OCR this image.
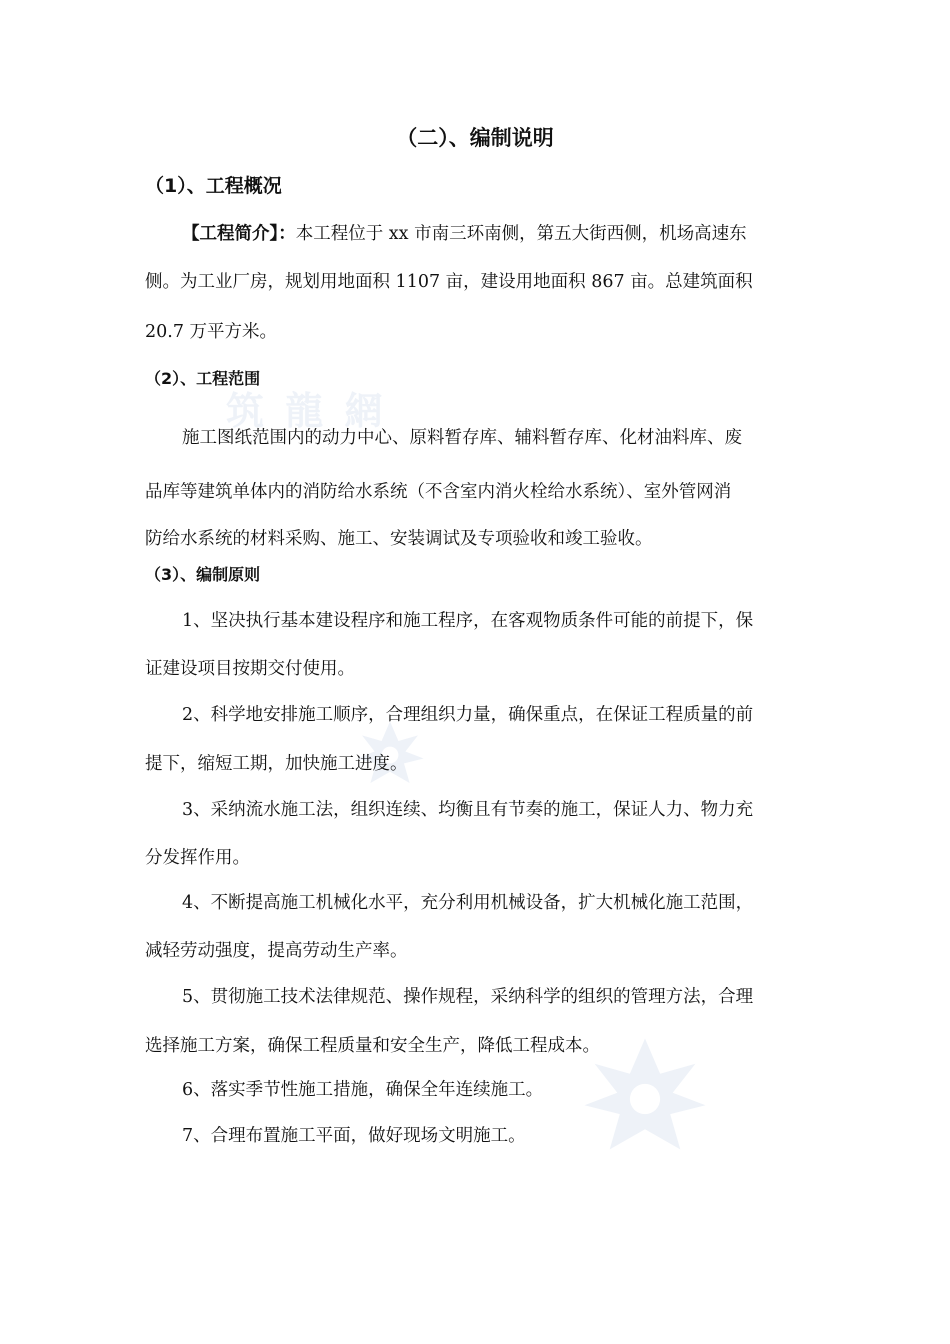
筑 龍 網
（二）、编制说明
（1）、工程概况
【工程简介】：本工程位于 xx 市南三环南侧，第五大街西侧，机场高速东
侧。为工业厂房，规划用地面积 1107 亩，建设用地面积 867 亩。总建筑面积
20.7 万平方米。
（2）、工程范围
施工图纸范围内的动力中心、原料暂存库、辅料暂存库、化材油料库、废
品库等建筑单体内的消防给水系统（不含室内消火栓给水系统）、室外管网消
防给水系统的材料采购、施工、安装调试及专项验收和竣工验收。
（3）、编制原则
1、坚决执行基本建设程序和施工程序，在客观物质条件可能的前提下，保
证建设项目按期交付使用。
2、科学地安排施工顺序，合理组织力量，确保重点，在保证工程质量的前
提下，缩短工期，加快施工进度。
3、采纳流水施工法，组织连续、均衡且有节奏的施工，保证人力、物力充
分发挥作用。
4、不断提高施工机械化水平，充分利用机械设备，扩大机械化施工范围，
减轻劳动强度，提高劳动生产率。
5、贯彻施工技术法律规范、操作规程，采纳科学的组织的管理方法，合理
选择施工方案，确保工程质量和安全生产，降低工程成本。
6、落实季节性施工措施，确保全年连续施工。
7、合理布置施工平面，做好现场文明施工。
